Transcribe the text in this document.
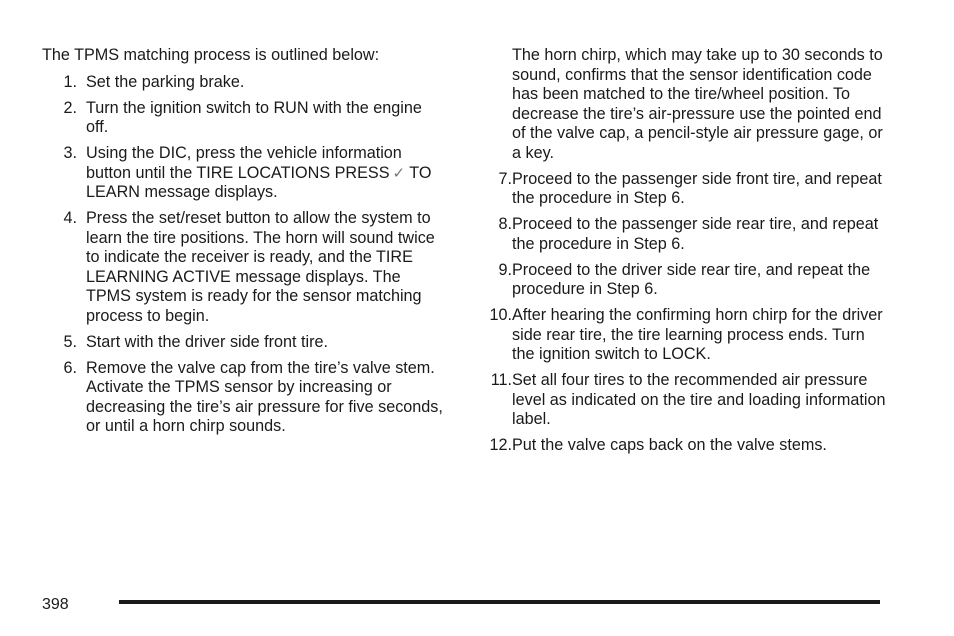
The TPMS matching process is outlined below:

1. Set the parking brake.
2. Turn the ignition switch to RUN with the engine off.
3. Using the DIC, press the vehicle information button until the TIRE LOCATIONS PRESS ✓ TO LEARN message displays.
4. Press the set/reset button to allow the system to learn the tire positions. The horn will sound twice to indicate the receiver is ready, and the TIRE LEARNING ACTIVE message displays. The TPMS system is ready for the sensor matching process to begin.
5. Start with the driver side front tire.
6. Remove the valve cap from the tire’s valve stem. Activate the TPMS sensor by increasing or decreasing the tire’s air pressure for five seconds, or until a horn chirp sounds.
The horn chirp, which may take up to 30 seconds to sound, confirms that the sensor identification code has been matched to the tire/wheel position. To decrease the tire’s air-pressure use the pointed end of the valve cap, a pencil-style air pressure gage, or a key.
7. Proceed to the passenger side front tire, and repeat the procedure in Step 6.
8. Proceed to the passenger side rear tire, and repeat the procedure in Step 6.
9. Proceed to the driver side rear tire, and repeat the procedure in Step 6.
10. After hearing the confirming horn chirp for the driver side rear tire, the tire learning process ends. Turn the ignition switch to LOCK.
11. Set all four tires to the recommended air pressure level as indicated on the tire and loading information label.
12. Put the valve caps back on the valve stems.
398
